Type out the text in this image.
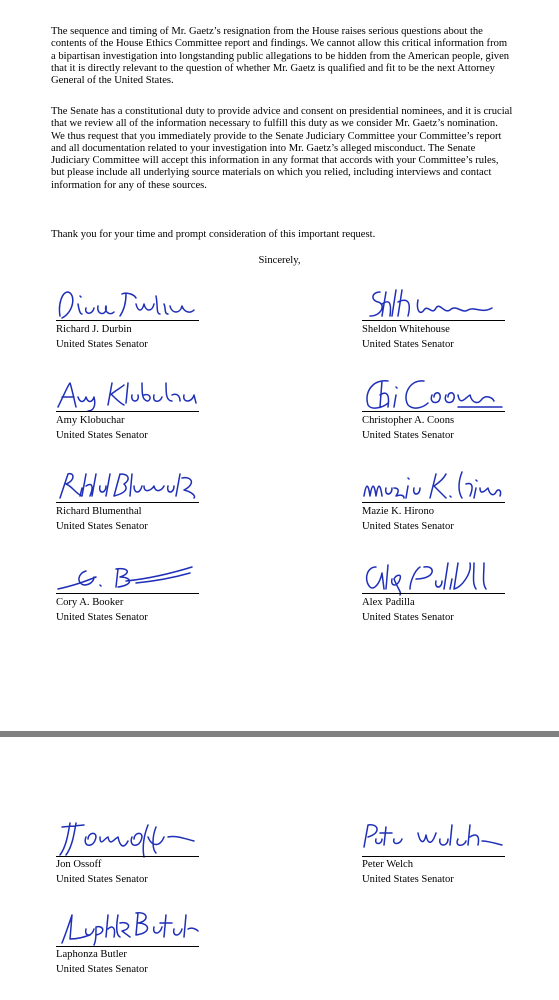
The sequence and timing of Mr. Gaetz’s resignation from the House raises serious questions about the contents of the House Ethics Committee report and findings. We cannot allow this critical information from a bipartisan investigation into longstanding public allegations to be hidden from the American people, given that it is directly relevant to the question of whether Mr. Gaetz is qualified and fit to be the next Attorney General of the United States.

The Senate has a constitutional duty to provide advice and consent on presidential nominees, and it is crucial that we review all of the information necessary to fulfill this duty as we consider Mr. Gaetz’s nomination. We thus request that you immediately provide to the Senate Judiciary Committee your Committee’s report and all documentation related to your investigation into Mr. Gaetz’s alleged misconduct. The Senate Judiciary Committee will accept this information in any format that accords with your Committee’s rules, but please include all underlying source materials on which you relied, including interviews and contact information for any of these sources.

Thank you for your time and prompt consideration of this important request.

Sincerely,

Richard J. Durbin
United States Senator
Sheldon Whitehouse
United States Senator
Amy Klobuchar
United States Senator
Christopher A. Coons
United States Senator
Richard Blumenthal
United States Senator
Mazie K. Hirono
United States Senator
Cory A. Booker
United States Senator
Alex Padilla
United States Senator
Jon Ossoff
United States Senator
Peter Welch
United States Senator
Laphonza Butler
United States Senator
